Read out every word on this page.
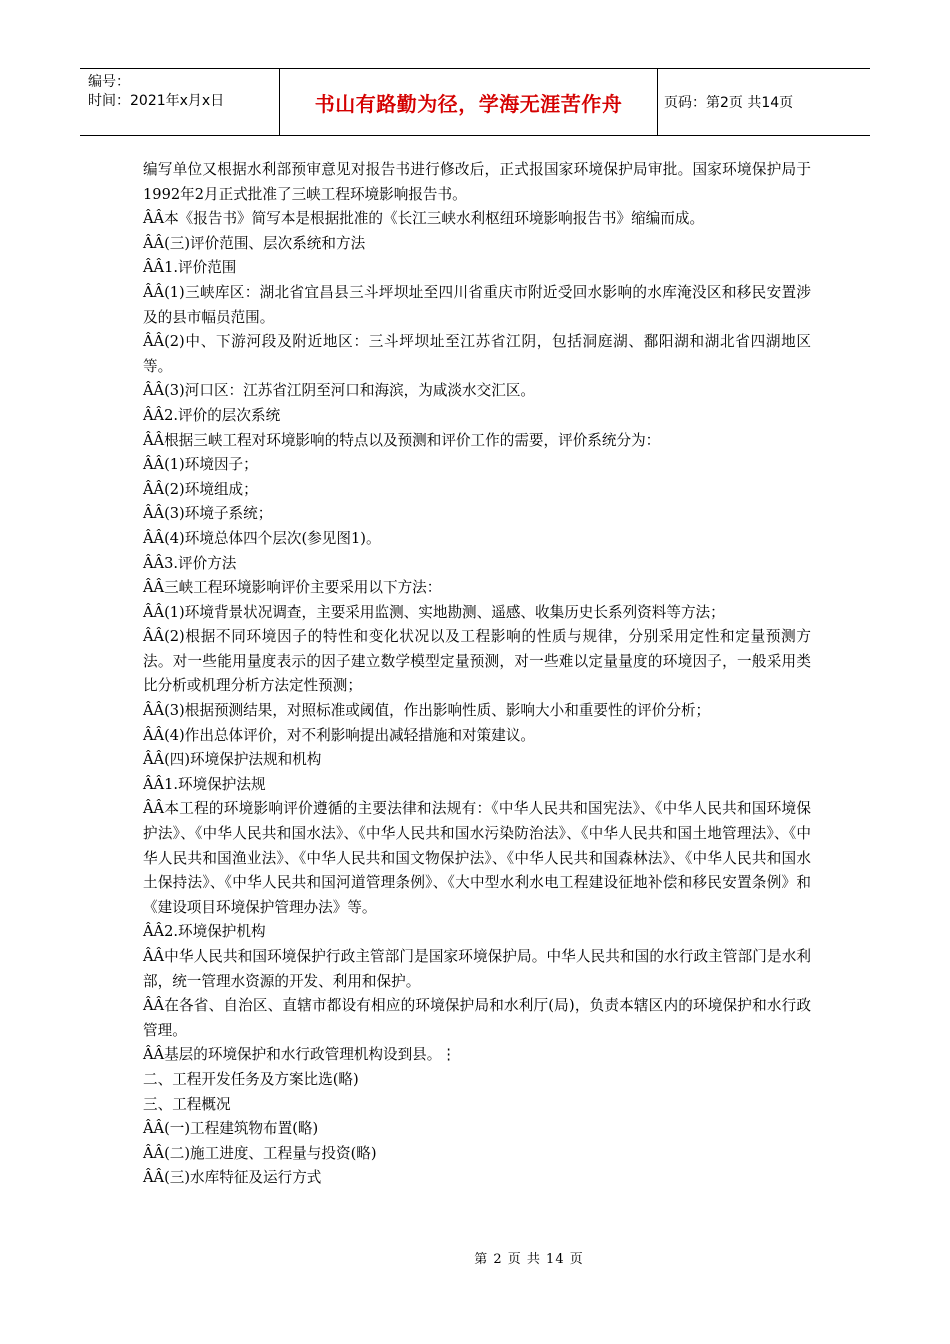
编号：
时间：2021年x月x日	书山有路勤为径，学海无涯苦作舟	页码：第2页 共14页

编写单位又根据水利部预审意见对报告书进行修改后，正式报国家环境保护局审批。国家环境保护局于1992年2月正式批准了三峡工程环境影响报告书。

ÂÂ本《报告书》简写本是根据批准的《长江三峡水利枢纽环境影响报告书》缩编而成。

ÂÂ(三)评价范围、层次系统和方法

ÂÂ1.评价范围

ÂÂ(1)三峡库区：湖北省宜昌县三斗坪坝址至四川省重庆市附近受回水影响的水库淹没区和移民安置涉及的县市幅员范围。

ÂÂ(2)中、下游河段及附近地区：三斗坪坝址至江苏省江阴，包括洞庭湖、鄱阳湖和湖北省四湖地区等。

ÂÂ(3)河口区：江苏省江阴至河口和海滨，为咸淡水交汇区。

ÂÂ2.评价的层次系统

ÂÂ根据三峡工程对环境影响的特点以及预测和评价工作的需要，评价系统分为：

ÂÂ(1)环境因子；

ÂÂ(2)环境组成；

ÂÂ(3)环境子系统；

ÂÂ(4)环境总体四个层次(参见图1)。

ÂÂ3.评价方法

ÂÂ三峡工程环境影响评价主要采用以下方法：

ÂÂ(1)环境背景状况调查，主要采用监测、实地勘测、遥感、收集历史长系列资料等方法；

ÂÂ(2)根据不同环境因子的特性和变化状况以及工程影响的性质与规律，分别采用定性和定量预测方法。对一些能用量度表示的因子建立数学模型定量预测，对一些难以定量量度的环境因子，一般采用类比分析或机理分析方法定性预测；

ÂÂ(3)根据预测结果，对照标准或阈值，作出影响性质、影响大小和重要性的评价分析；

ÂÂ(4)作出总体评价，对不利影响提出减轻措施和对策建议。

ÂÂ(四)环境保护法规和机构

ÂÂ1.环境保护法规

ÂÂ本工程的环境影响评价遵循的主要法律和法规有：《中华人民共和国宪法》、《中华人民共和国环境保护法》、《中华人民共和国水法》、《中华人民共和国水污染防治法》、《中华人民共和国土地管理法》、《中华人民共和国渔业法》、《中华人民共和国文物保护法》、《中华人民共和国森林法》、《中华人民共和国水土保持法》、《中华人民共和国河道管理条例》、《大中型水利水电工程建设征地补偿和移民安置条例》和《建设项目环境保护管理办法》等。

ÂÂ2.环境保护机构

ÂÂ中华人民共和国环境保护行政主管部门是国家环境保护局。中华人民共和国的水行政主管部门是水利部，统一管理水资源的开发、利用和保护。

ÂÂ在各省、自治区、直辖市都设有相应的环境保护局和水利厅(局)，负责本辖区内的环境保护和水行政管理。

ÂÂ基层的环境保护和水行政管理机构设到县。⋮

二、工程开发任务及方案比选(略)

三、工程概况

ÂÂ(一)工程建筑物布置(略)

ÂÂ(二)施工进度、工程量与投资(略)

ÂÂ(三)水库特征及运行方式

第 2 页 共 14 页
